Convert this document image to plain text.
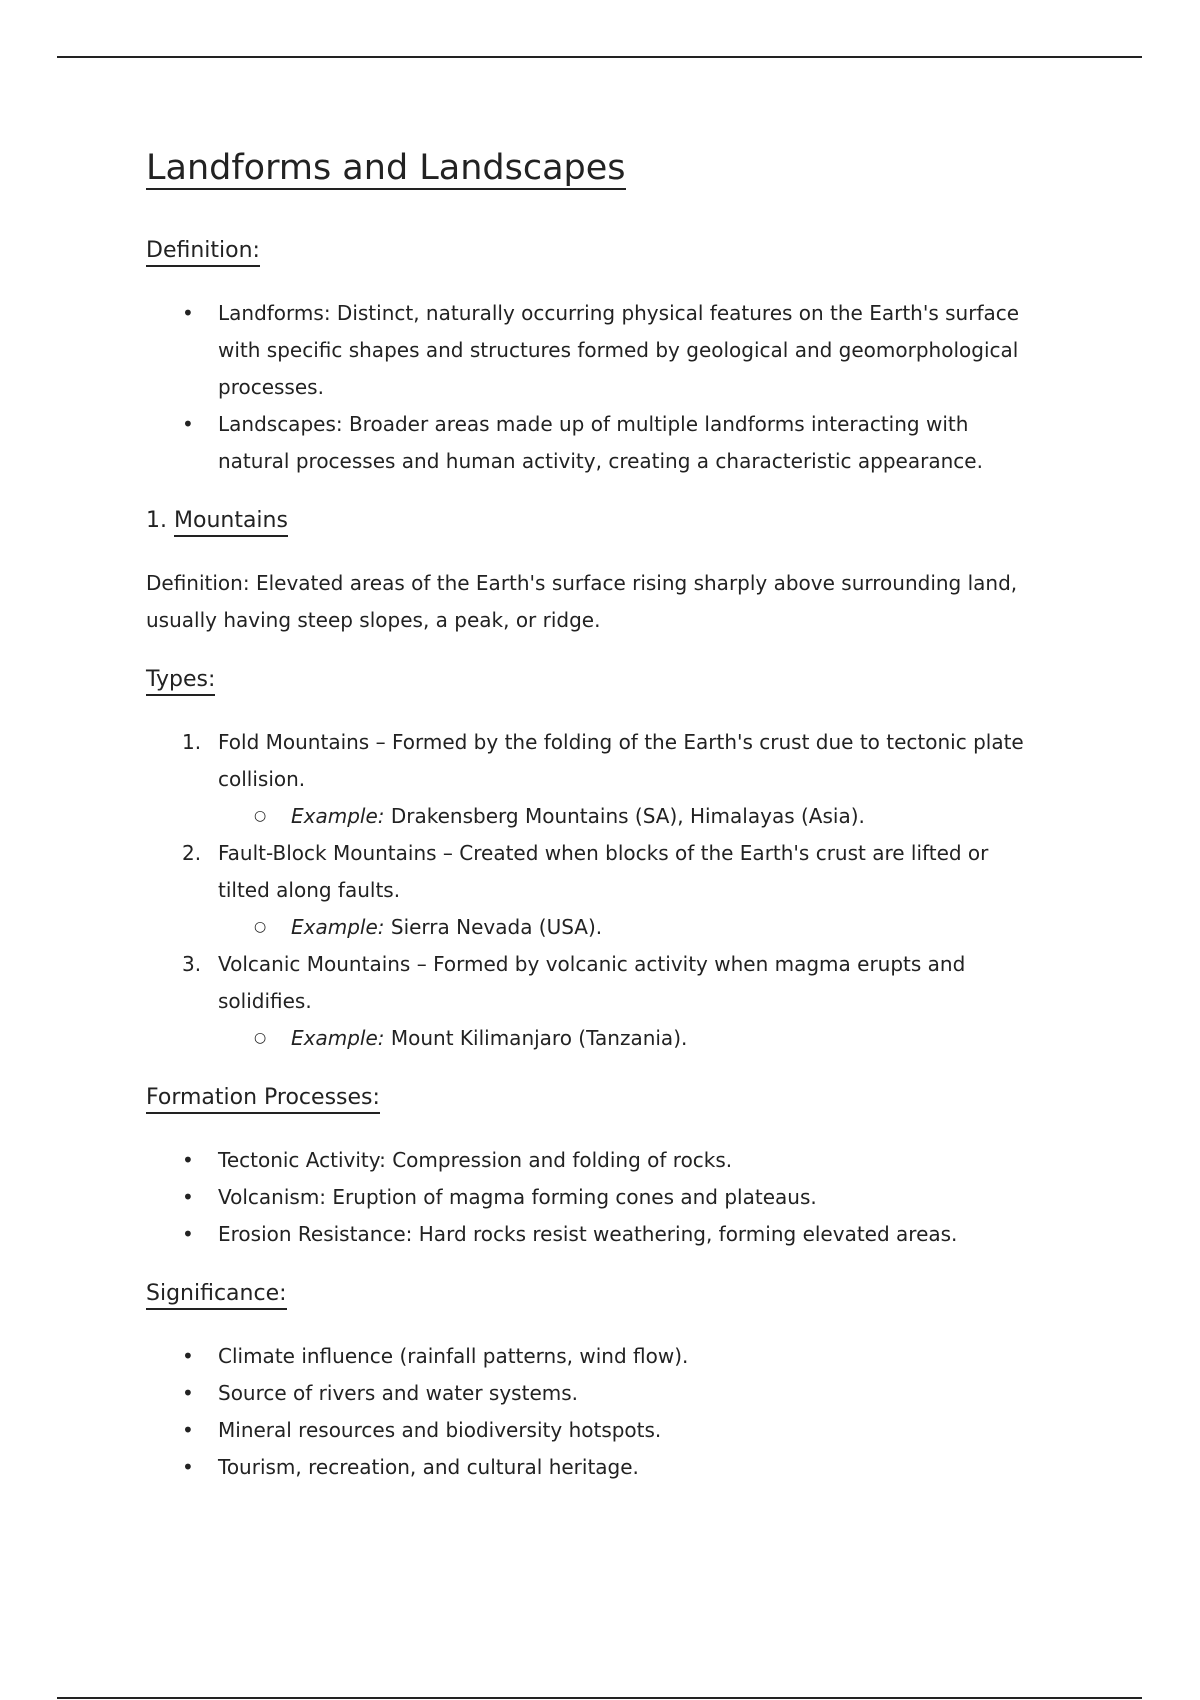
Landforms and Landscapes
Definition:
•	Landforms: Distinct, naturally occurring physical features on the Earth's surface with specific shapes and structures formed by geological and geomorphological processes.
•	Landscapes: Broader areas made up of multiple landforms interacting with natural processes and human activity, creating a characteristic appearance.
1. Mountains

Definition: Elevated areas of the Earth's surface rising sharply above surrounding land, usually having steep slopes, a peak, or ridge.

Types:
1. Fold Mountains – Formed by the folding of the Earth's crust due to tectonic plate collision.
○ Example: Drakensberg Mountains (SA), Himalayas (Asia).
2. Fault-Block Mountains – Created when blocks of the Earth's crust are lifted or tilted along faults.
○ Example: Sierra Nevada (USA).
3. Volcanic Mountains – Formed by volcanic activity when magma erupts and solidifies.
○ Example: Mount Kilimanjaro (Tanzania).
Formation Processes:
•	Tectonic Activity: Compression and folding of rocks.
•	Volcanism: Eruption of magma forming cones and plateaus.
•	Erosion Resistance: Hard rocks resist weathering, forming elevated areas.
Significance:
•	Climate influence (rainfall patterns, wind flow).
•	Source of rivers and water systems.
•	Mineral resources and biodiversity hotspots.
•	Tourism, recreation, and cultural heritage.
